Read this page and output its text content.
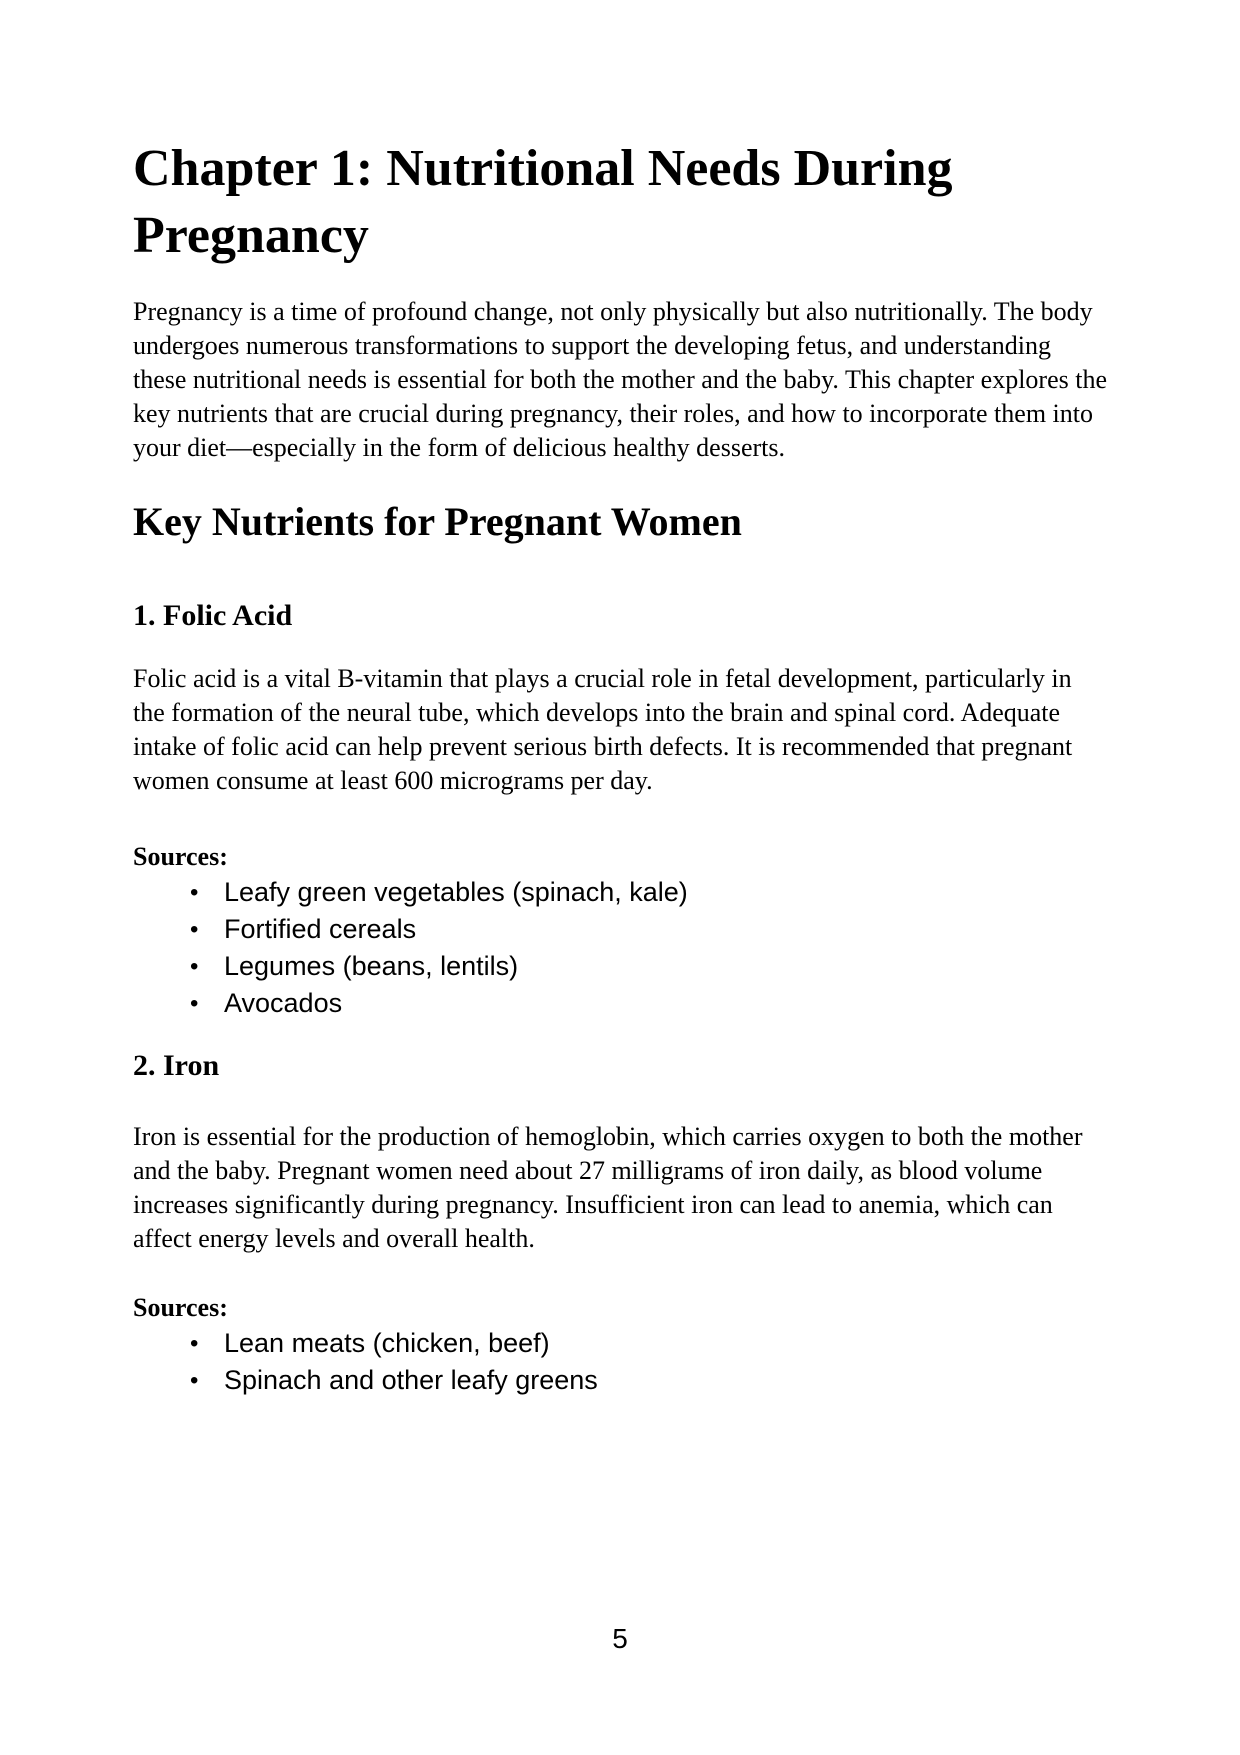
Chapter 1: Nutritional Needs During Pregnancy

Pregnancy is a time of profound change, not only physically but also nutritionally. The body undergoes numerous transformations to support the developing fetus, and understanding these nutritional needs is essential for both the mother and the baby. This chapter explores the key nutrients that are crucial during pregnancy, their roles, and how to incorporate them into your diet—especially in the form of delicious healthy desserts.

Key Nutrients for Pregnant Women
1. Folic Acid

Folic acid is a vital B-vitamin that plays a crucial role in fetal development, particularly in the formation of the neural tube, which develops into the brain and spinal cord. Adequate intake of folic acid can help prevent serious birth defects. It is recommended that pregnant women consume at least 600 micrograms per day.

Sources:

• Leafy green vegetables (spinach, kale)
• Fortified cereals
• Legumes (beans, lentils)
• Avocados
2. Iron

Iron is essential for the production of hemoglobin, which carries oxygen to both the mother and the baby. Pregnant women need about 27 milligrams of iron daily, as blood volume increases significantly during pregnancy. Insufficient iron can lead to anemia, which can affect energy levels and overall health.

Sources:

• Lean meats (chicken, beef)
• Spinach and other leafy greens
5
